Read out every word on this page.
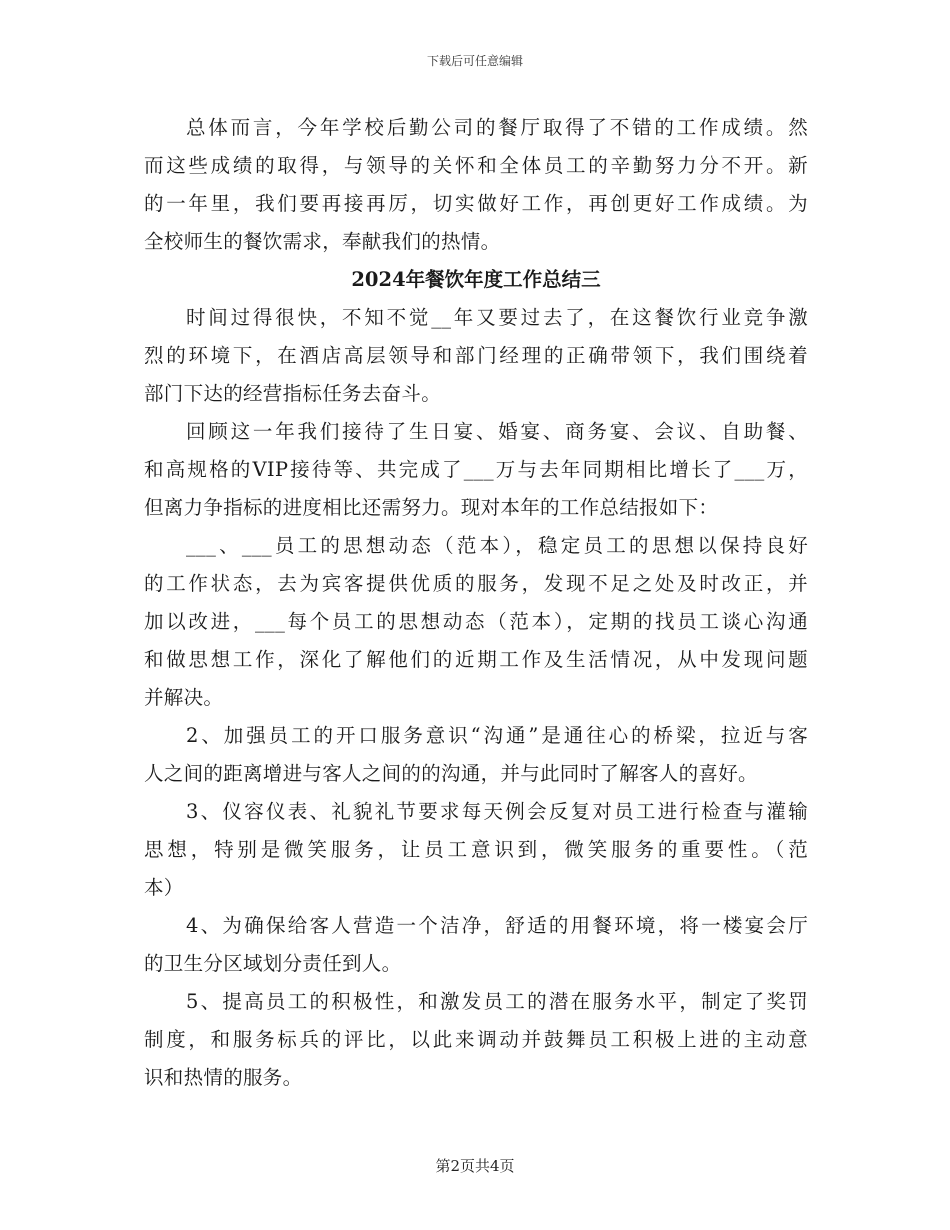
下载后可任意编辑
总体而言，今年学校后勤公司的餐厅取得了不错的工作成绩。然
而这些成绩的取得，与领导的关怀和全体员工的辛勤努力分不开。新
的一年里，我们要再接再厉，切实做好工作，再创更好工作成绩。为
全校师生的餐饮需求，奉献我们的热情。
2024年餐饮年度工作总结三
时间过得很快，不知不觉__年又要过去了，在这餐饮行业竞争激
烈的环境下，在酒店高层领导和部门经理的正确带领下，我们围绕着
部门下达的经营指标任务去奋斗。
回顾这一年我们接待了生日宴、婚宴、商务宴、会议、自助餐、
和高规格的VIP接待等、共完成了___万与去年同期相比增长了___万，
但离力争指标的进度相比还需努力。现对本年的工作总结报如下：
___、___员工的思想动态（范本），稳定员工的思想以保持良好
的工作状态，去为宾客提供优质的服务，发现不足之处及时改正，并
加以改进，___每个员工的思想动态（范本），定期的找员工谈心沟通
和做思想工作，深化了解他们的近期工作及生活情况，从中发现问题
并解决。
2、加强员工的开口服务意识“沟通”是通往心的桥梁，拉近与客
人之间的距离增进与客人之间的的沟通，并与此同时了解客人的喜好。
3、仪容仪表、礼貌礼节要求每天例会反复对员工进行检查与灌输
思想，特别是微笑服务，让员工意识到，微笑服务的重要性。（范
本）
4、为确保给客人营造一个洁净，舒适的用餐环境，将一楼宴会厅
的卫生分区域划分责任到人。
5、提高员工的积极性，和激发员工的潜在服务水平，制定了奖罚
制度，和服务标兵的评比，以此来调动并鼓舞员工积极上进的主动意
识和热情的服务。
第2页共4页
